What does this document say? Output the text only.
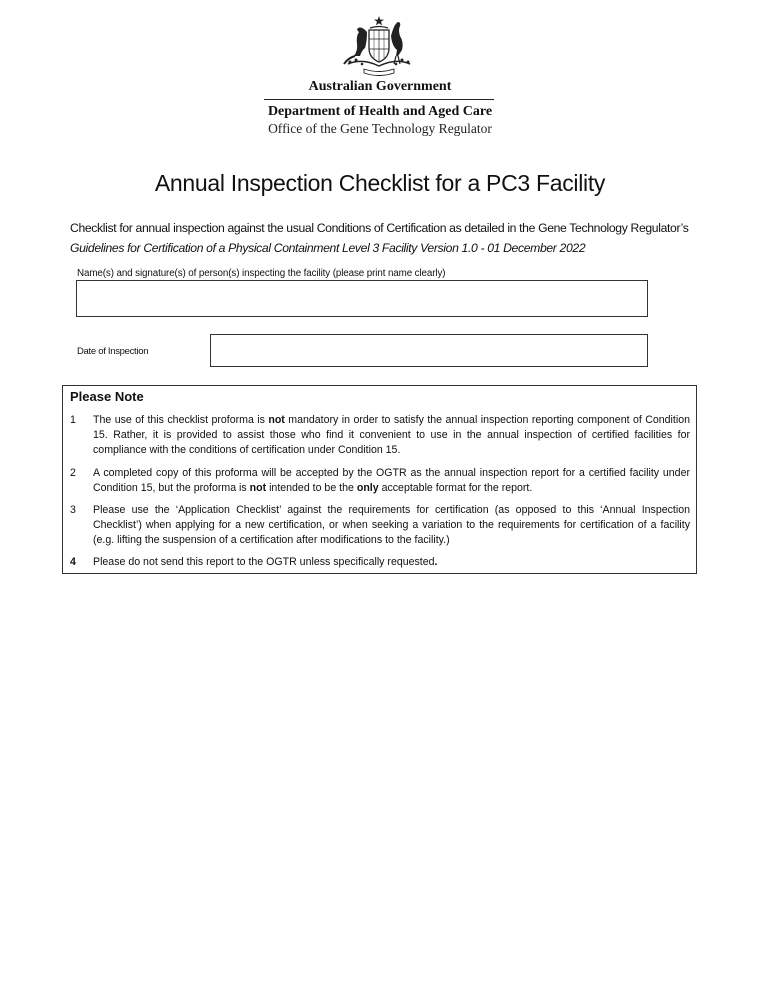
Australian Government
Department of Health and Aged Care
Office of the Gene Technology Regulator
Annual Inspection Checklist for a PC3 Facility
Checklist for annual inspection against the usual Conditions of Certification as detailed in the Gene Technology Regulator’s Guidelines for Certification of a Physical Containment Level 3 Facility Version 1.0 - 01 December 2022
Name(s) and signature(s) of person(s) inspecting the facility (please print name clearly)
Date of Inspection
Please Note
1	The use of this checklist proforma is not mandatory in order to satisfy the annual inspection reporting component of Condition 15. Rather, it is provided to assist those who find it convenient to use in the annual inspection of certified facilities for compliance with the conditions of certification under Condition 15.
2	A completed copy of this proforma will be accepted by the OGTR as the annual inspection report for a certified facility under Condition 15, but the proforma is not intended to be the only acceptable format for the report.
3	Please use the ‘Application Checklist’ against the requirements for certification (as opposed to this ‘Annual Inspection Checklist’) when applying for a new certification, or when seeking a variation to the requirements for certification of a facility (e.g. lifting the suspension of a certification after modifications to the facility.)
4	Please do not send this report to the OGTR unless specifically requested.
